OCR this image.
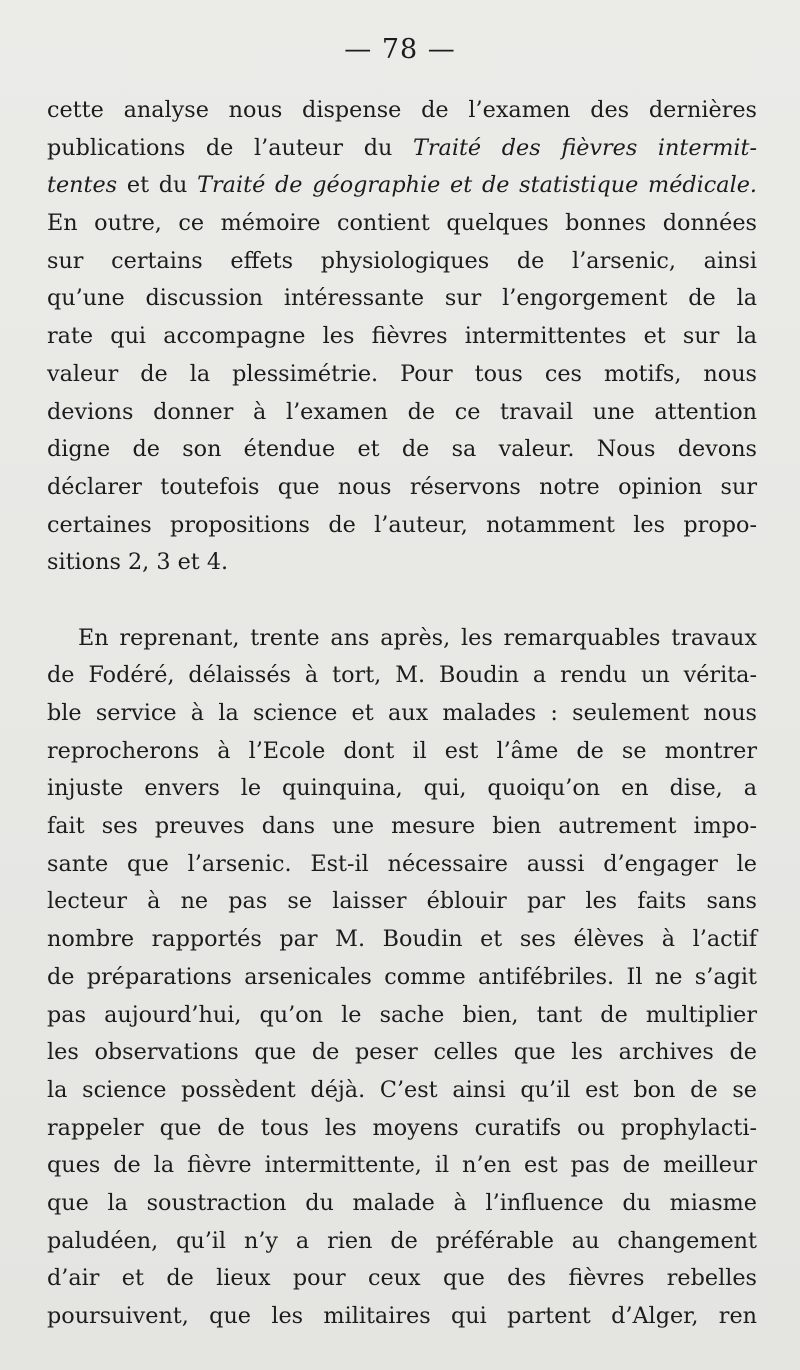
— 78 —
cette analyse nous dispense de l’examen des dernières
publications de l’auteur du Traité des fièvres intermit-
tentes et du Traité de géographie et de statistique médicale.
En outre, ce mémoire contient quelques bonnes données
sur certains effets physiologiques de l’arsenic, ainsi
qu’une discussion intéressante sur l’engorgement de la
rate qui accompagne les fièvres intermittentes et sur la
valeur de la plessimétrie. Pour tous ces motifs, nous
devions donner à l’examen de ce travail une attention
digne de son étendue et de sa valeur. Nous devons
déclarer toutefois que nous réservons notre opinion sur
certaines propositions de l’auteur, notamment les propo-
sitions 2, 3 et 4.
En reprenant, trente ans après, les remarquables travaux
de Fodéré, délaissés à tort, M. Boudin a rendu un vérita-
ble service à la science et aux malades : seulement nous
reprocherons à l’Ecole dont il est l’âme de se montrer
injuste envers le quinquina, qui, quoiqu’on en dise, a
fait ses preuves dans une mesure bien autrement impo-
sante que l’arsenic. Est-il nécessaire aussi d’engager le
lecteur à ne pas se laisser éblouir par les faits sans
nombre rapportés par M. Boudin et ses élèves à l’actif
de préparations arsenicales comme antifébriles. Il ne s’agit
pas aujourd’hui, qu’on le sache bien, tant de multiplier
les observations que de peser celles que les archives de
la science possèdent déjà. C’est ainsi qu’il est bon de se
rappeler que de tous les moyens curatifs ou prophylacti-
ques de la fièvre intermittente, il n’en est pas de meilleur
que la soustraction du malade à l’influence du miasme
paludéen, qu’il n’y a rien de préférable au changement
d’air et de lieux pour ceux que des fièvres rebelles
poursuivent, que les militaires qui partent d’Alger, ren
